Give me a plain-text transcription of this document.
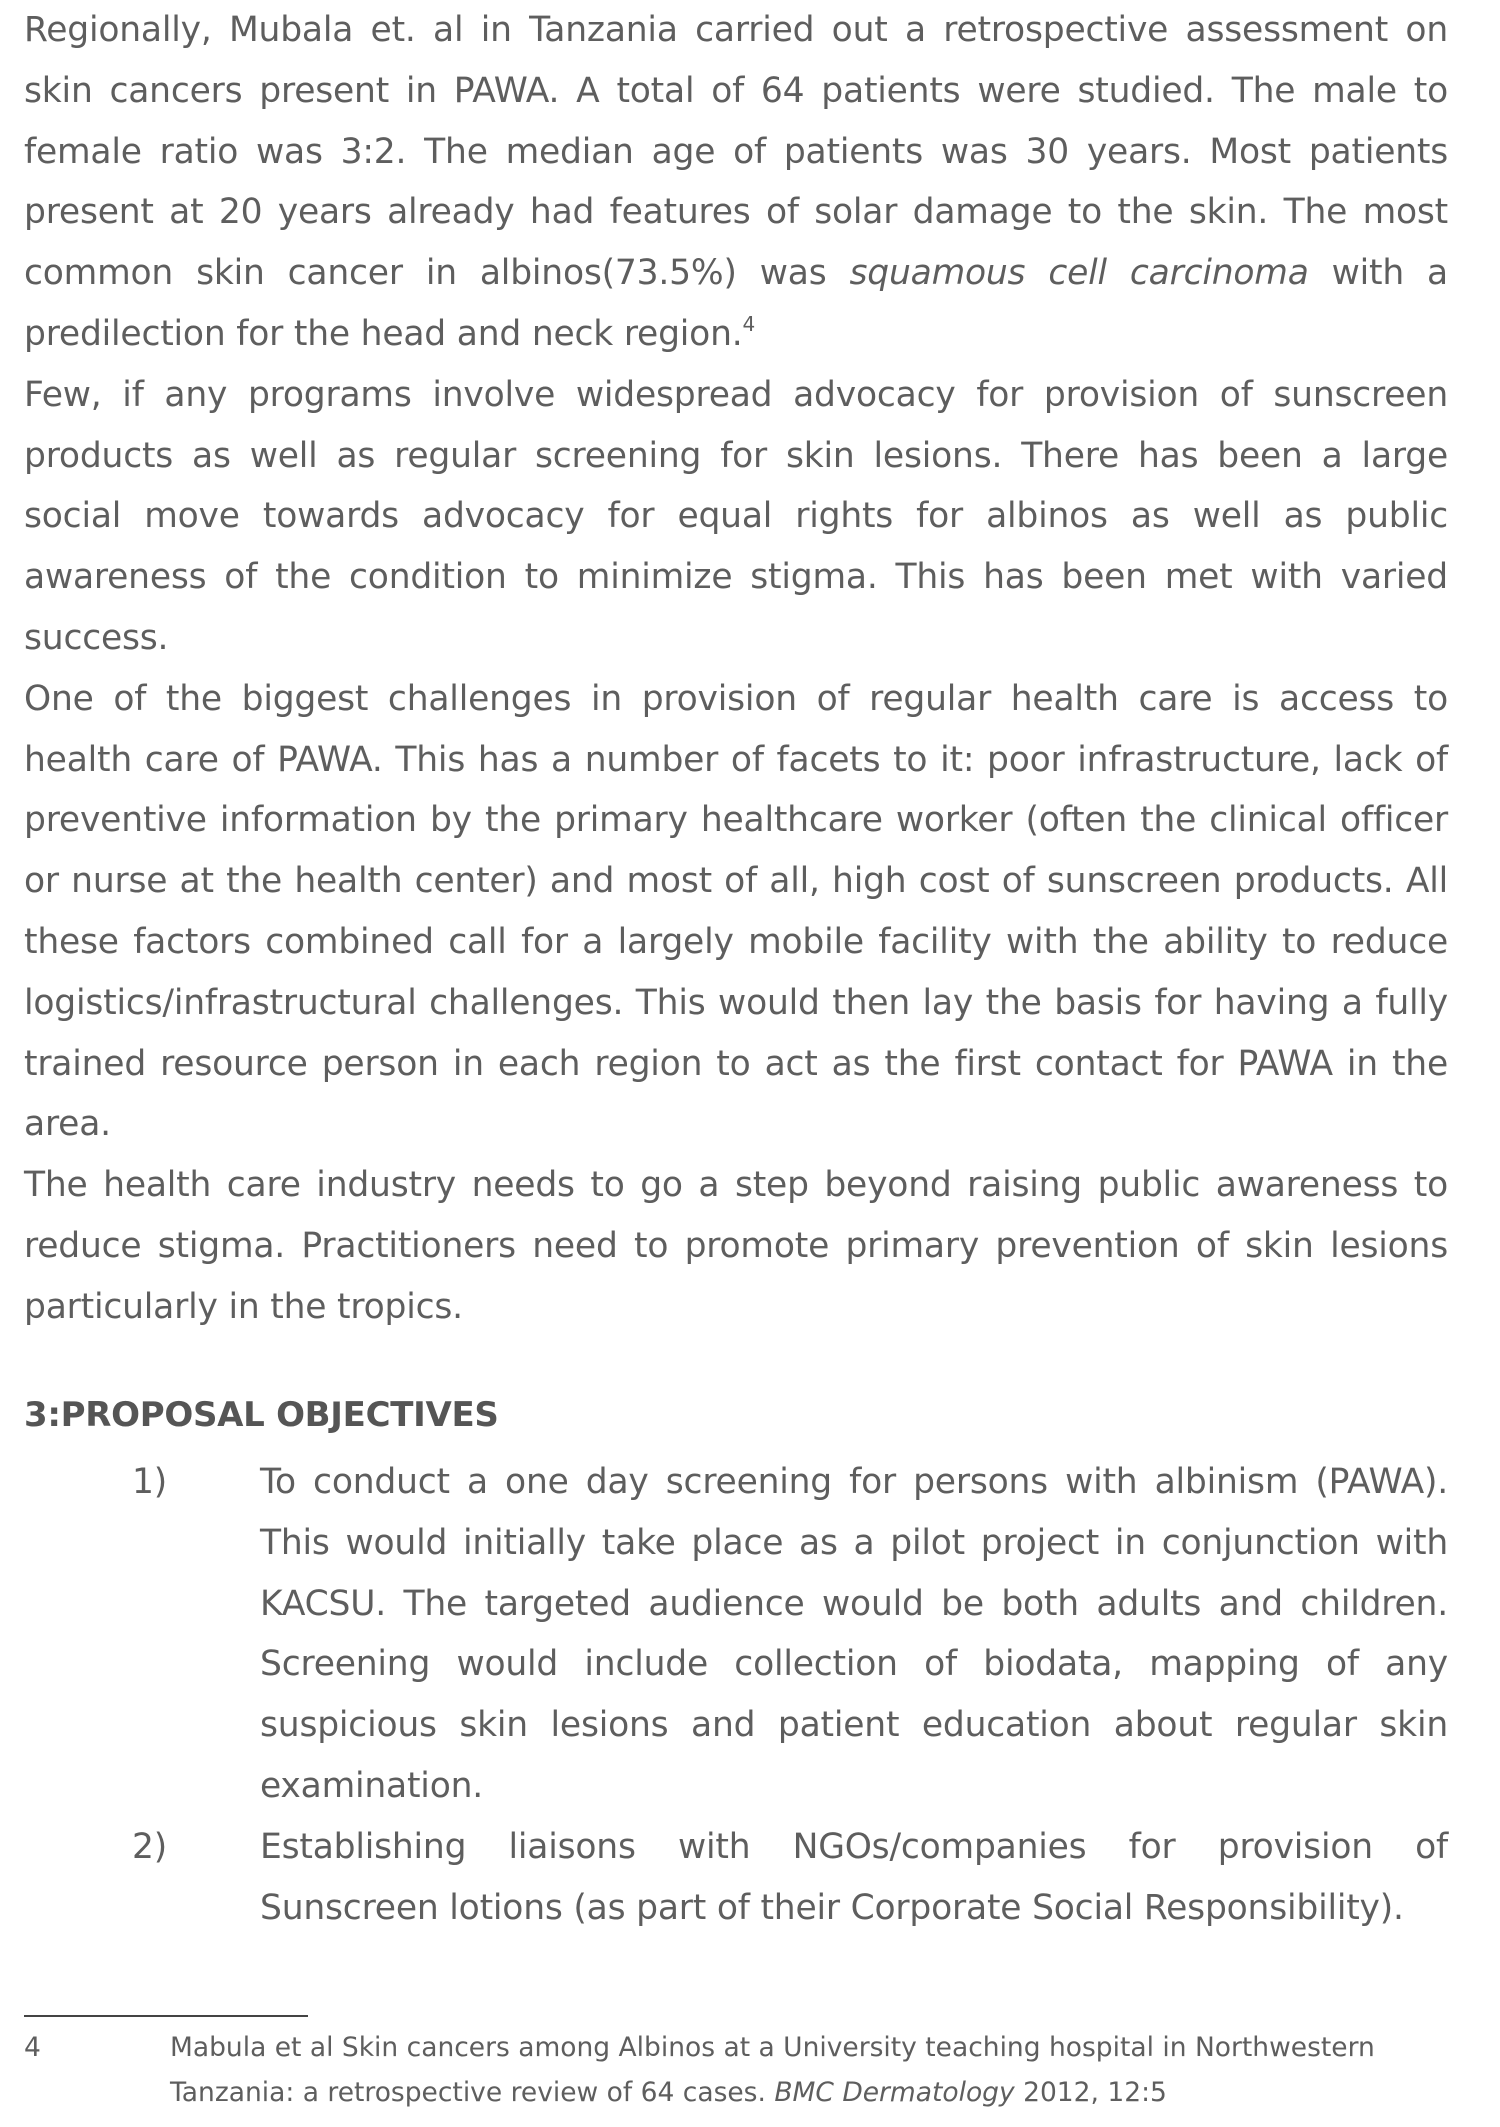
Regionally, Mubala et. al in Tanzania carried out a retrospective assessment on skin cancers present in PAWA. A total of 64 patients were studied. The male to female ratio was 3:2. The median age of patients was 30 years. Most patients present at 20 years already had features of solar damage to the skin. The most common skin cancer in albinos(73.5%) was squamous cell carcinoma with a predilection for the head and neck region.$^4$

Few, if any programs involve widespread advocacy for provision of sunscreen products as well as regular screening for skin lesions. There has been a large social move towards advocacy for equal rights for albinos as well as public awareness of the condition to minimize stigma. This has been met with varied success.

One of the biggest challenges in provision of regular health care is access to health care of PAWA. This has a number of facets to it: poor infrastructure, lack of preventive information by the primary healthcare worker (often the clinical officer or nurse at the health center) and most of all, high cost of sunscreen products. All these factors combined call for a largely mobile facility with the ability to reduce logistics/infrastructural challenges. This would then lay the basis for having a fully trained resource person in each region to act as the first contact for PAWA in the area.

The health care industry needs to go a step beyond raising public awareness to reduce stigma. Practitioners need to promote primary prevention of skin lesions particularly in the tropics.

3:PROPOSAL OBJECTIVES
1)	To conduct a one day screening for persons with albinism (PAWA). This would initially take place as a pilot project in conjunction with KACSU. The targeted audience would be both adults and children. Screening would include collection of biodata, mapping of any suspicious skin lesions and patient education about regular skin examination.
2)	Establishing liaisons with NGOs/companies for provision of Sunscreen lotions (as part of their Corporate Social Responsibility).
4	Mabula et al Skin cancers among Albinos at a University teaching hospital in Northwestern Tanzania: a retrospective review of 64 cases. BMC Dermatology 2012, 12:5
